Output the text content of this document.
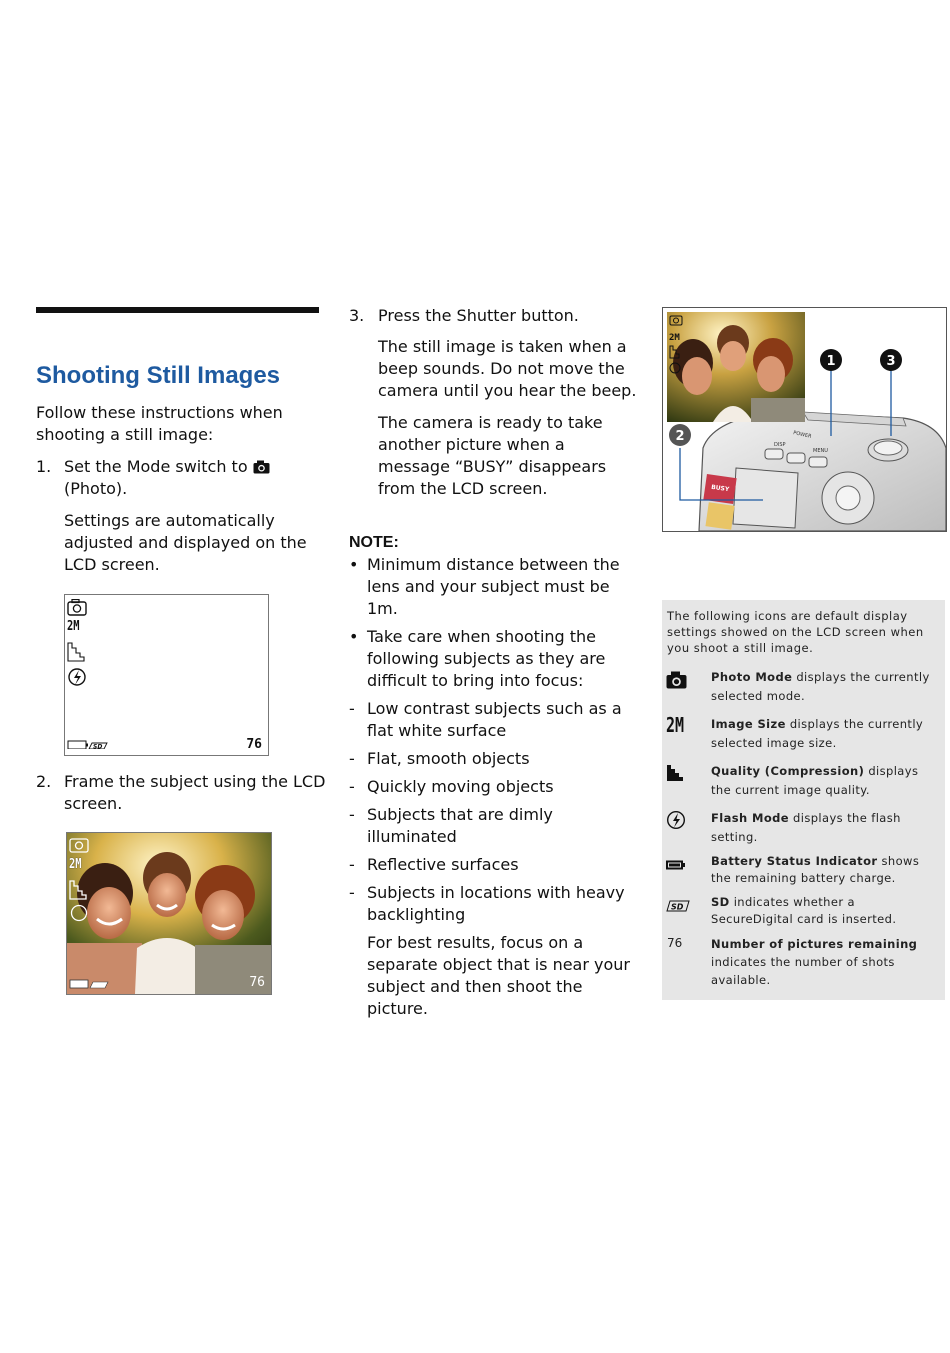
Shooting Still Images
Follow these instructions when
shooting a still image:
1. Set the Mode switch to
(Photo).
Settings are automatically
adjusted and displayed on the
LCD screen.
SD
2M
76
2. Frame the subject using the LCD
screen.
2M
76
3. Press the Shutter button.
The still image is taken when a
beep sounds. Do not move the
camera until you hear the beep.
The camera is ready to take
another picture when a
message “BUSY” disappears
from the LCD screen.
NOTE:
• Minimum distance between the
lens and your subject must be
1m.
• Take care when shooting the
following subjects as they are
difficult to bring into focus:
- Low contrast subjects such as a
flat white surface
- Flat, smooth objects
- Quickly moving objects
- Subjects that are dimly
illuminated
- Reflective surfaces
- Subjects in locations with heavy
backlighting
For best results, focus on a
separate object that is near your
subject and then shoot the
picture.
BUSY
POWER
DISP
MENU
2M
1
2
3
The following icons are default display settings showed on the LCD screen when you shoot a still image.
Photo Mode displays the currently selected mode.
2M Image Size displays the currently selected image size.
Quality (Compression) displays the current image quality.
Flash Mode displays the flash setting.
Battery Status Indicator shows the remaining battery charge.
SD SD indicates whether a SecureDigital card is inserted.
76 Number of pictures remaining indicates the number of shots available.
